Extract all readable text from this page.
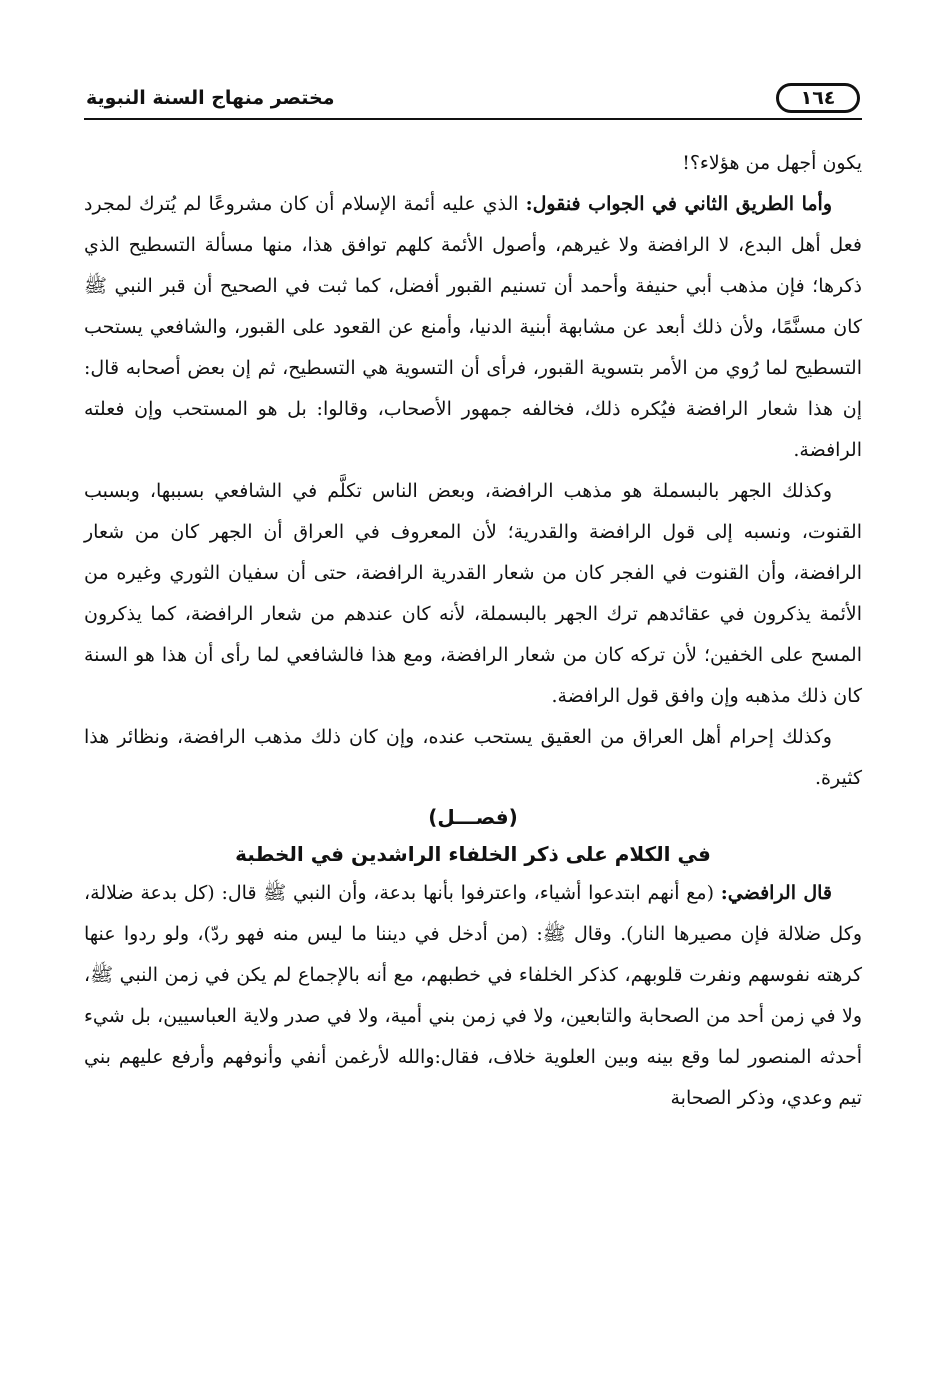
مختصر منهاج السنة النبوية	١٦٤

يكون أجهل من هؤلاء؟!

وأما الطريق الثاني في الجواب فنقول: الذي عليه أئمة الإسلام أن كان مشروعًا لم يُترك لمجرد فعل أهل البدع، لا الرافضة ولا غيرهم، وأصول الأئمة كلهم توافق هذا، منها مسألة التسطيح الذي ذكرها؛ فإن مذهب أبي حنيفة وأحمد أن تسنيم القبور أفضل، كما ثبت في الصحيح أن قبر النبي ﷺ كان مسنَّمًا، ولأن ذلك أبعد عن مشابهة أبنية الدنيا، وأمنع عن القعود على القبور، والشافعي يستحب التسطيح لما رُوي من الأمر بتسوية القبور، فرأى أن التسوية هي التسطيح، ثم إن بعض أصحابه قال: إن هذا شعار الرافضة فيُكره ذلك، فخالفه جمهور الأصحاب، وقالوا: بل هو المستحب وإن فعلته الرافضة.

وكذلك الجهر بالبسملة هو مذهب الرافضة، وبعض الناس تكلَّم في الشافعي بسببها، وبسبب القنوت، ونسبه إلى قول الرافضة والقدرية؛ لأن المعروف في العراق أن الجهر كان من شعار الرافضة، وأن القنوت في الفجر كان من شعار القدرية الرافضة، حتى أن سفيان الثوري وغيره من الأئمة يذكرون في عقائدهم ترك الجهر بالبسملة، لأنه كان عندهم من شعار الرافضة، كما يذكرون المسح على الخفين؛ لأن تركه كان من شعار الرافضة، ومع هذا فالشافعي لما رأى أن هذا هو السنة كان ذلك مذهبه وإن وافق قول الرافضة.

وكذلك إحرام أهل العراق من العقيق يستحب عنده، وإن كان ذلك مذهب الرافضة، ونظائر هذا كثيرة.

(فصـــل)

في الكلام على ذكر الخلفاء الراشدين في الخطبة

قال الرافضي: (مع أنهم ابتدعوا أشياء، واعترفوا بأنها بدعة، وأن النبي ﷺ قال: (كل بدعة ضلالة، وكل ضلالة فإن مصيرها النار). وقال ﷺ: (من أدخل في ديننا ما ليس منه فهو ردّ)، ولو ردوا عنها كرهته نفوسهم ونفرت قلوبهم، كذكر الخلفاء في خطبهم، مع أنه بالإجماع لم يكن في زمن النبي ﷺ، ولا في زمن أحد من الصحابة والتابعين، ولا في زمن بني أمية، ولا في صدر ولاية العباسيين، بل شيء أحدثه المنصور لما وقع بينه وبين العلوية خلاف، فقال:والله لأرغمن أنفي وأنوفهم وأرفع عليهم بني تيم وعدي، وذكر الصحابة
